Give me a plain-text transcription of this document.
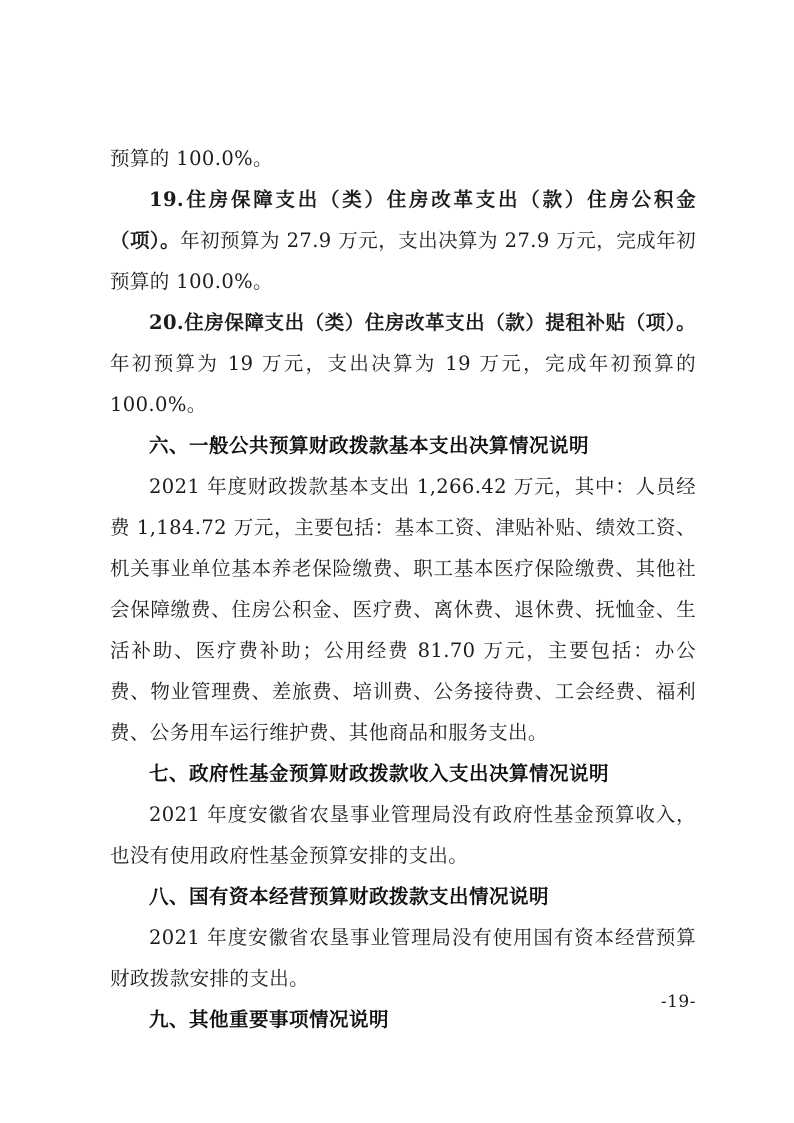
预算的 100.0%。

19.住房保障支出（类）住房改革支出（款）住房公积金（项）。年初预算为 27.9 万元，支出决算为 27.9 万元，完成年初预算的 100.0%。

20.住房保障支出（类）住房改革支出（款）提租补贴（项）。年初预算为 19 万元，支出决算为 19 万元，完成年初预算的 100.0%。

六、一般公共预算财政拨款基本支出决算情况说明

2021 年度财政拨款基本支出 1,266.42 万元，其中：人员经费 1,184.72 万元，主要包括：基本工资、津贴补贴、绩效工资、机关事业单位基本养老保险缴费、职工基本医疗保险缴费、其他社会保障缴费、住房公积金、医疗费、离休费、退休费、抚恤金、生活补助、医疗费补助；公用经费 81.70 万元，主要包括：办公费、物业管理费、差旅费、培训费、公务接待费、工会经费、福利费、公务用车运行维护费、其他商品和服务支出。

七、政府性基金预算财政拨款收入支出决算情况说明

2021 年度安徽省农垦事业管理局没有政府性基金预算收入，也没有使用政府性基金预算安排的支出。

八、国有资本经营预算财政拨款支出情况说明

2021 年度安徽省农垦事业管理局没有使用国有资本经营预算财政拨款安排的支出。

九、其他重要事项情况说明

-19-
